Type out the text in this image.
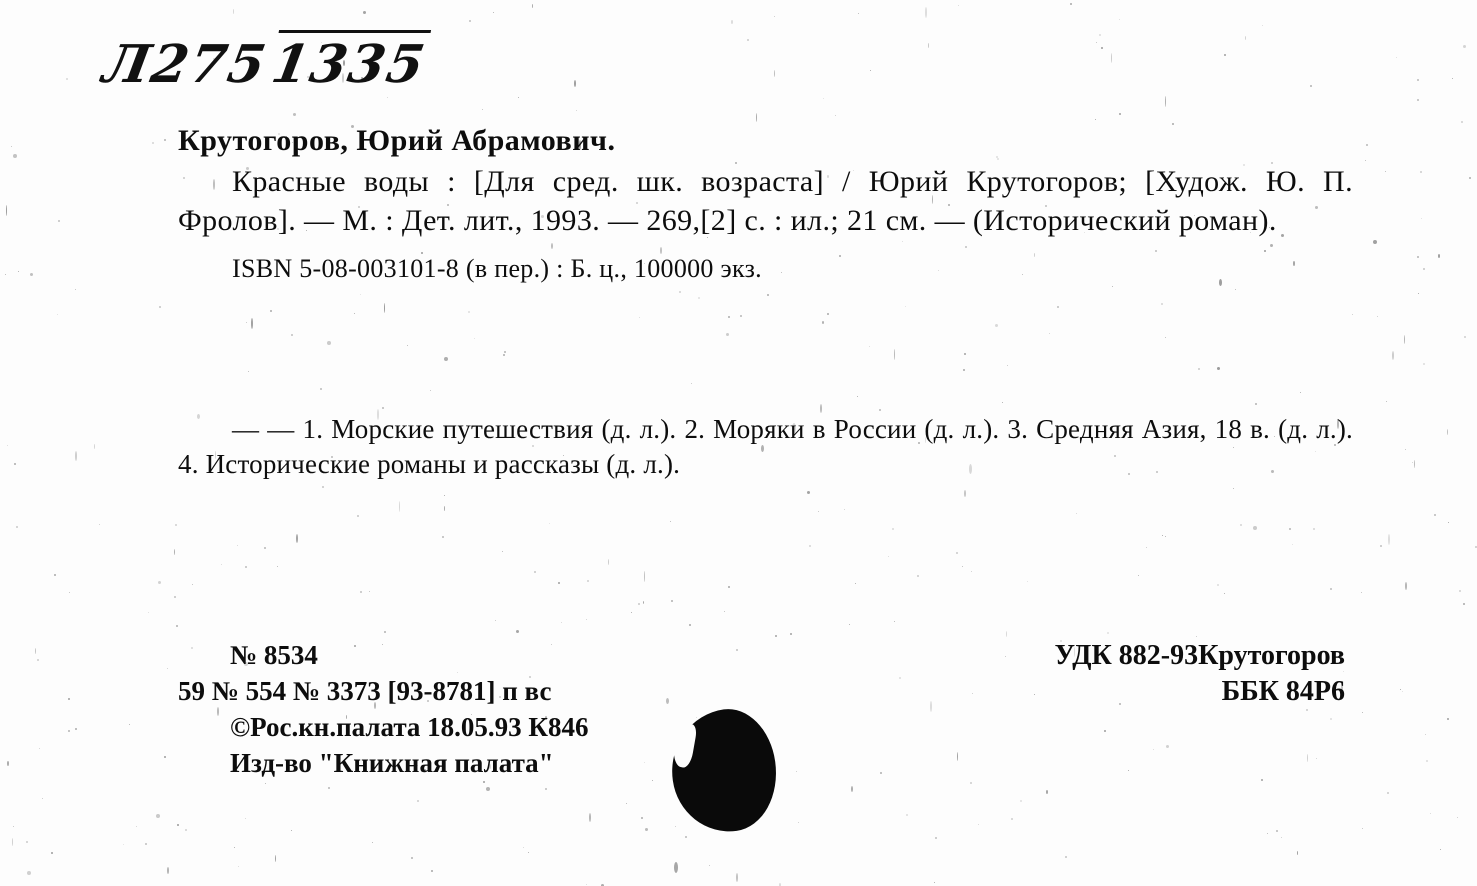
Л2751335
Крутогоров, Юрий Абрамович.
Красные воды : [Для сред. шк. возраста] / Юрий Крутогоров; [Худож. Ю. П. Фролов]. — М. : Дет. лит., 1993. — 269,[2] с. : ил.; 21 см. — (Исторический роман).
ISBN 5-08-003101-8 (в пер.) : Б. ц., 100000 экз.
— — 1. Морские путешествия (д. л.). 2. Моряки в России (д. л.). 3. Средняя Азия, 18 в. (д. л.). 4. Исторические романы и рассказы (д. л.).
№ 8534
59 № 554 № 3373 [93-8781] п вс
©Рос.кн.палата 18.05.93 К846
Изд-во "Книжная палата"
УДК 882-93Крутогоров
ББК 84Р6
